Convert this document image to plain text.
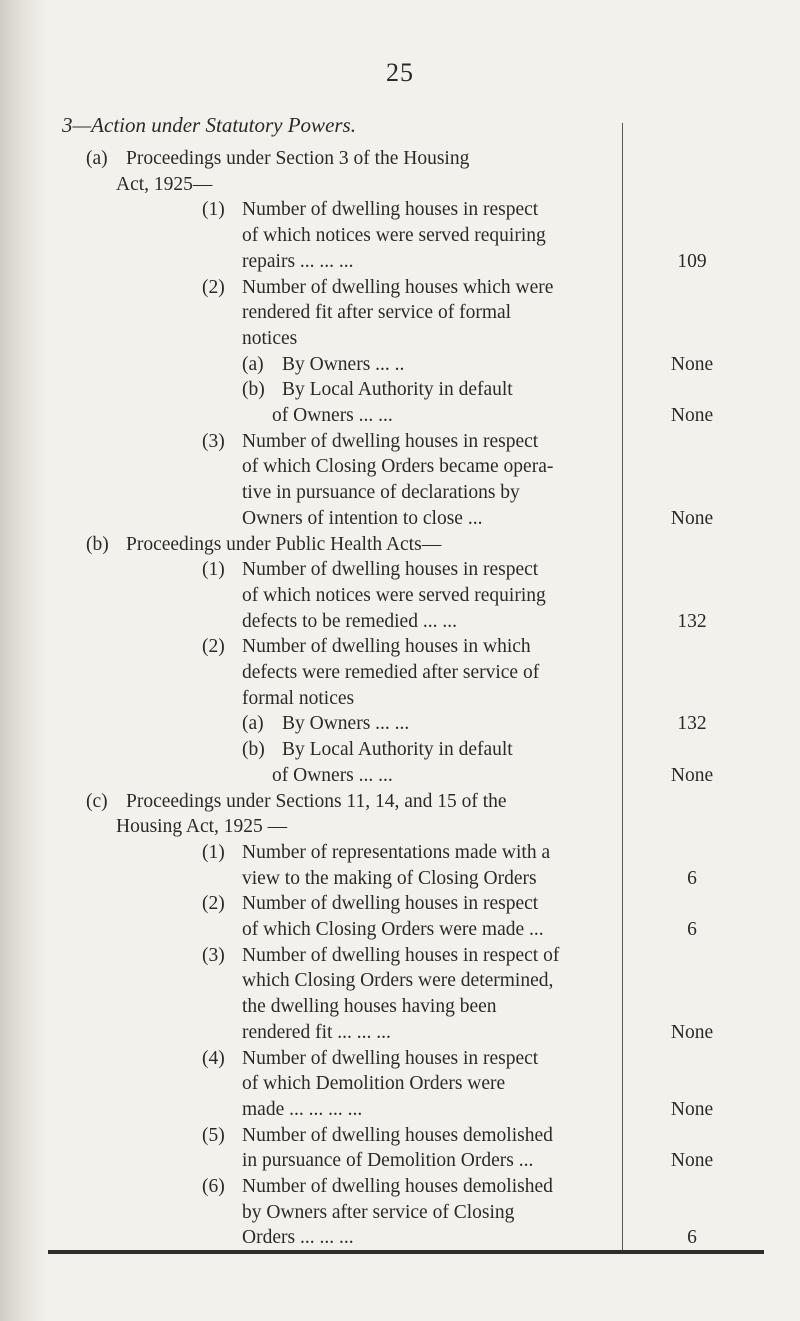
25
3—Action under Statutory Powers.
(a) Proceedings under Section 3 of the Housing
Act, 1925—
(1) Number of dwelling houses in respect
of which notices were served requiring
repairs ... ... ...
(2) Number of dwelling houses which were
rendered fit after service of formal
notices
(a) By Owners ... ..
(b) By Local Authority in default
of Owners ... ...
(3) Number of dwelling houses in respect
of which Closing Orders became opera-
tive in pursuance of declarations by
Owners of intention to close ...
(b) Proceedings under Public Health Acts—
(1) Number of dwelling houses in respect
of which notices were served requiring
defects to be remedied ... ...
(2) Number of dwelling houses in which
defects were remedied after service of
formal notices
(a) By Owners ... ...
(b) By Local Authority in default
of Owners ... ...
(c) Proceedings under Sections 11, 14, and 15 of the
Housing Act, 1925 —
(1) Number of representations made with a
view to the making of Closing Orders
(2) Number of dwelling houses in respect
of which Closing Orders were made ...
(3) Number of dwelling houses in respect of
which Closing Orders were determined,
the dwelling houses having been
rendered fit ... ... ...
(4) Number of dwelling houses in respect
of which Demolition Orders were
made ... ... ... ...
(5) Number of dwelling houses demolished
in pursuance of Demolition Orders ...
(6) Number of dwelling houses demolished
by Owners after service of Closing
Orders ... ... ...
109
None
None
None
132
132
None
6
6
None
None
None
6
